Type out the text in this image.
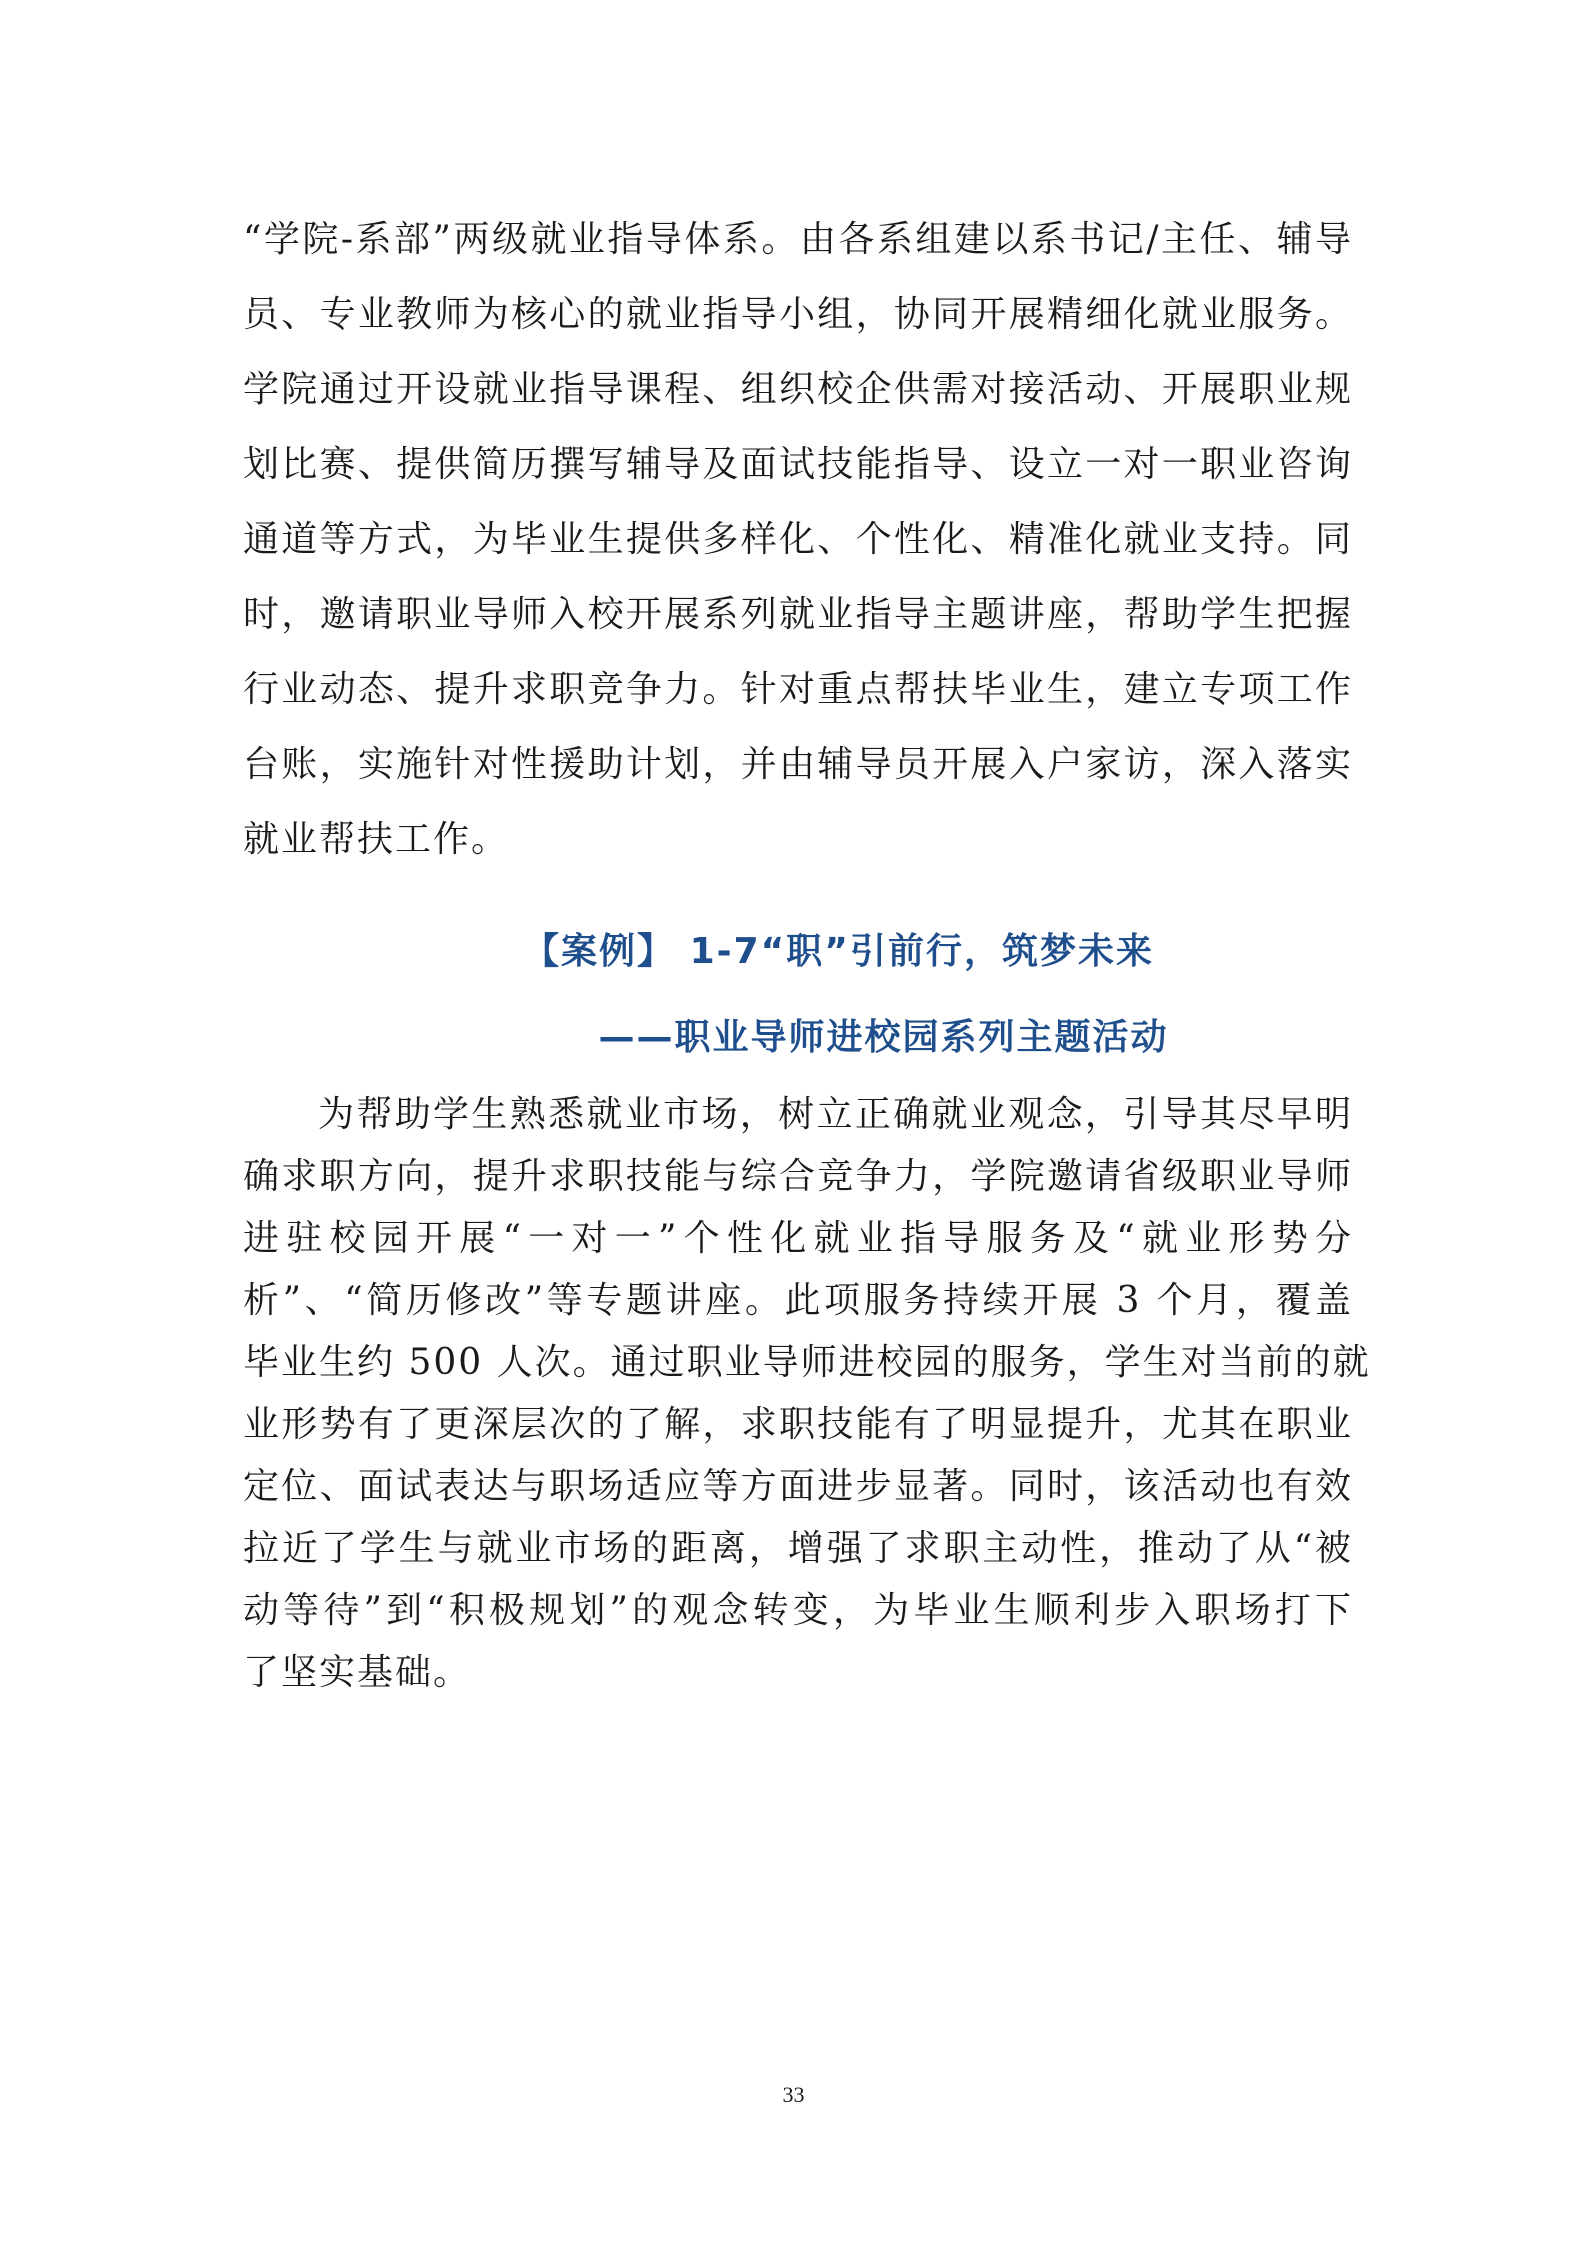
“学院-系部”两级就业指导体系。由各系组建以系书记/主任、辅导
员、专业教师为核心的就业指导小组，协同开展精细化就业服务。
学院通过开设就业指导课程、组织校企供需对接活动、开展职业规
划比赛、提供简历撰写辅导及面试技能指导、设立一对一职业咨询
通道等方式，为毕业生提供多样化、个性化、精准化就业支持。同
时，邀请职业导师入校开展系列就业指导主题讲座，帮助学生把握
行业动态、提升求职竞争力。针对重点帮扶毕业生，建立专项工作
台账，实施针对性援助计划，并由辅导员开展入户家访，深入落实
就业帮扶工作。
【案例】 1-7“职”引前行，筑梦未来
——职业导师进校园系列主题活动
为帮助学生熟悉就业市场，树立正确就业观念，引导其尽早明
确求职方向，提升求职技能与综合竞争力，学院邀请省级职业导师
进驻校园开展“一对一”个性化就业指导服务及“就业形势分
析”、“简历修改”等专题讲座。此项服务持续开展 3 个月，覆盖
毕业生约 500 人次。通过职业导师进校园的服务，学生对当前的就
业形势有了更深层次的了解，求职技能有了明显提升，尤其在职业
定位、面试表达与职场适应等方面进步显著。同时，该活动也有效
拉近了学生与就业市场的距离，增强了求职主动性，推动了从“被
动等待”到“积极规划”的观念转变，为毕业生顺利步入职场打下
了坚实基础。
33
